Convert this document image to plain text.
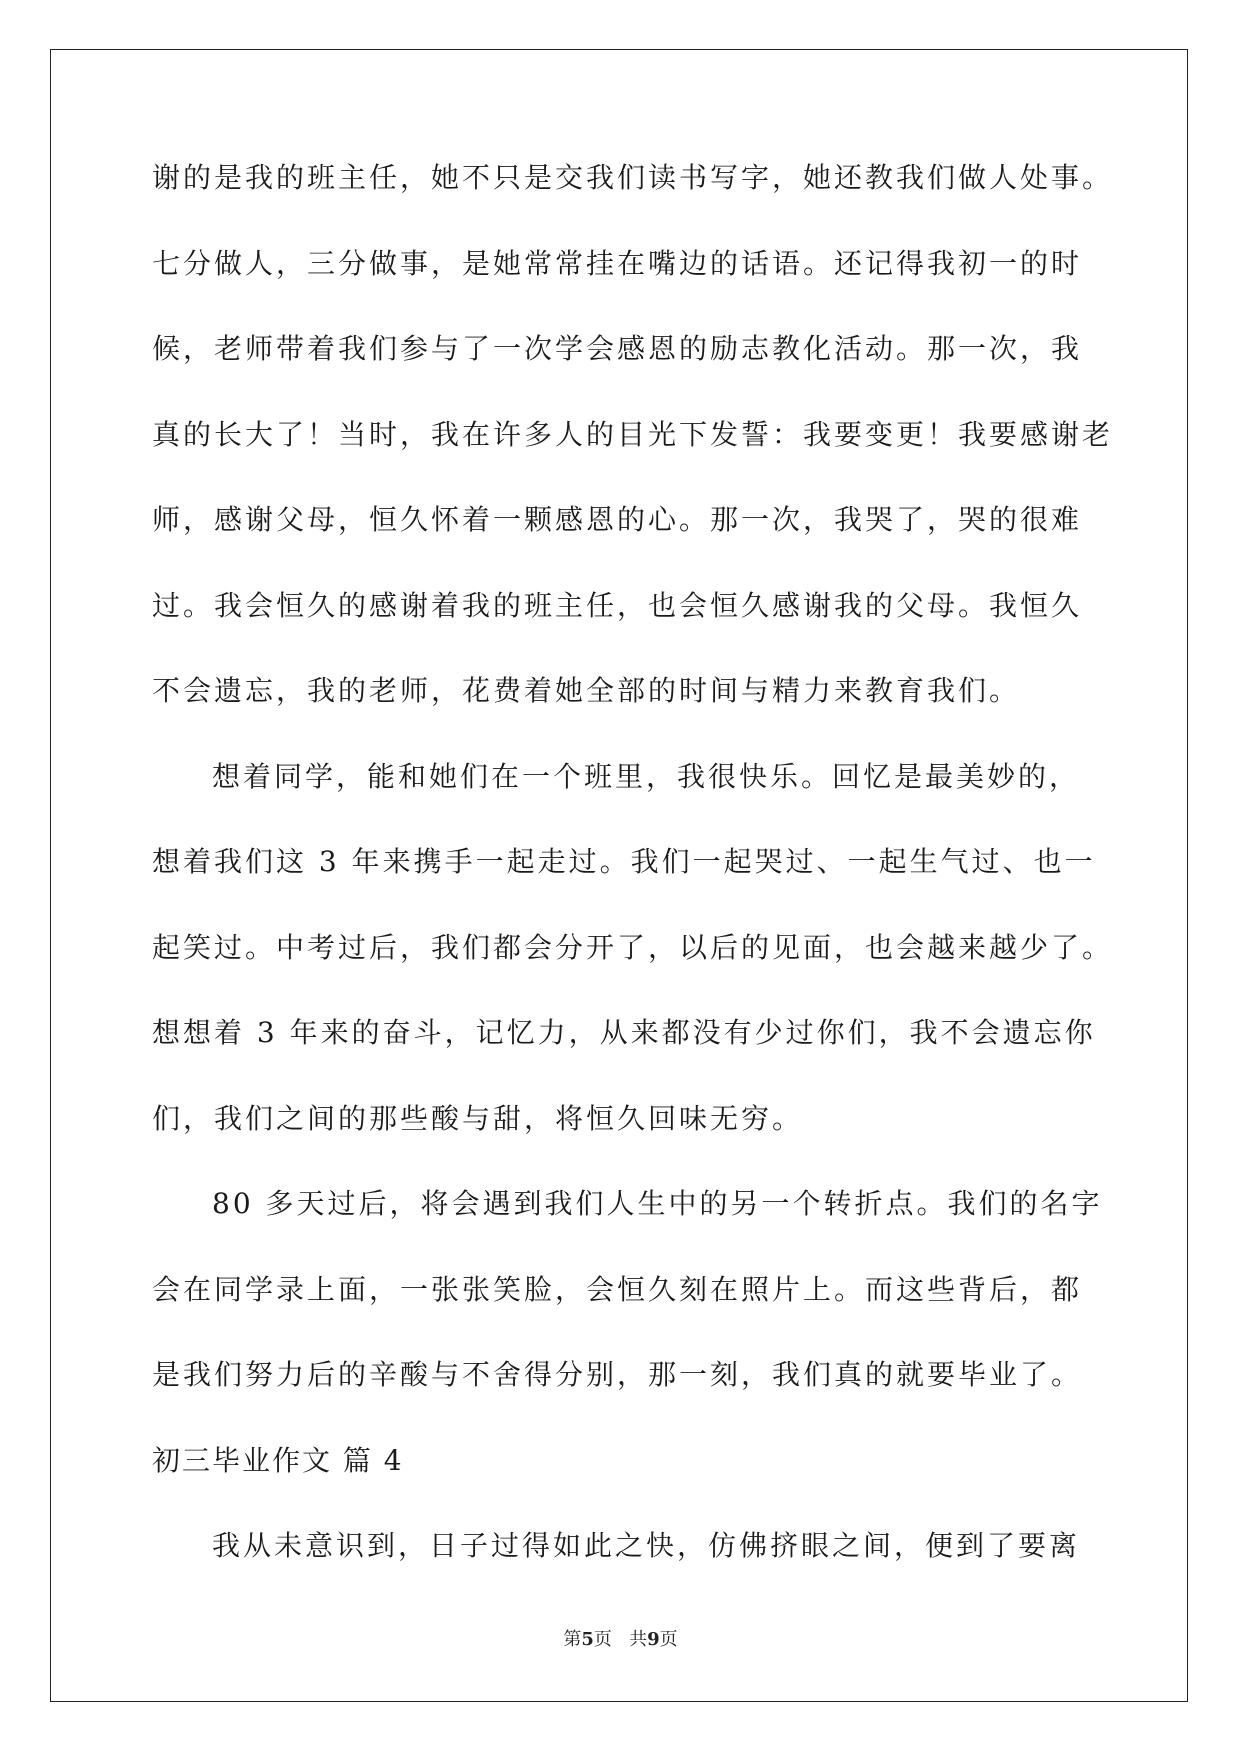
谢的是我的班主任，她不只是交我们读书写字，她还教我们做人处事。
七分做人，三分做事，是她常常挂在嘴边的话语。还记得我初一的时
候，老师带着我们参与了一次学会感恩的励志教化活动。那一次，我
真的长大了！当时，我在许多人的目光下发誓：我要变更！我要感谢老
师，感谢父母，恒久怀着一颗感恩的心。那一次，我哭了，哭的很难
过。我会恒久的感谢着我的班主任，也会恒久感谢我的父母。我恒久
不会遗忘，我的老师，花费着她全部的时间与精力来教育我们。
想着同学，能和她们在一个班里，我很快乐。回忆是最美妙的，
想着我们这 3 年来携手一起走过。我们一起哭过、一起生气过、也一
起笑过。中考过后，我们都会分开了，以后的见面，也会越来越少了。
想想着 3 年来的奋斗，记忆力，从来都没有少过你们，我不会遗忘你
们，我们之间的那些酸与甜，将恒久回味无穷。
80 多天过后，将会遇到我们人生中的另一个转折点。我们的名字
会在同学录上面，一张张笑脸，会恒久刻在照片上。而这些背后，都
是我们努力后的辛酸与不舍得分别，那一刻，我们真的就要毕业了。
初三毕业作文 篇 4
我从未意识到，日子过得如此之快，仿佛挤眼之间，便到了要离
第5页 共9页
